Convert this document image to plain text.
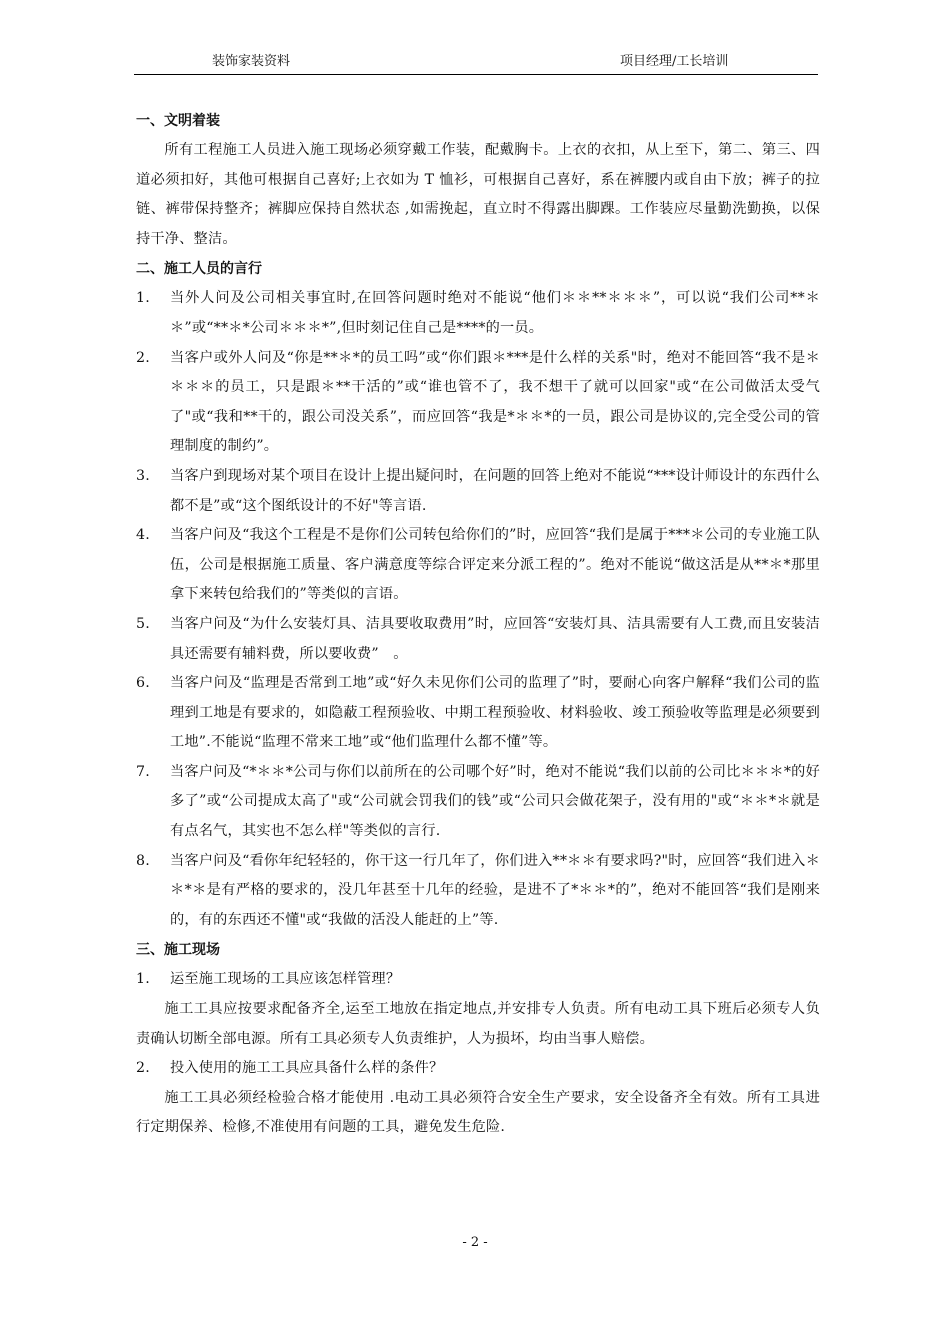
装饰家装资料	项目经理/工长培训
一、文明着装

所有工程施工人员进入施工现场必须穿戴工作装，配戴胸卡。上衣的衣扣，从上至下，第二、第三、四道必须扣好，其他可根据自己喜好;上衣如为 T 恤衫，可根据自己喜好，系在裤腰内或自由下放；裤子的拉链、裤带保持整齐；裤脚应保持自然状态 ,如需挽起，直立时不得露出脚踝。工作装应尽量勤洗勤换，以保持干净、整洁。

二、施工人员的言行
1.	当外人问及公司相关事宜时,在回答问题时绝对不能说“他们＊＊**＊＊＊”，可以说“我们公司**＊＊”或“**＊*公司＊＊＊*”,但时刻记住自己是****的一员。
2.	当客户或外人问及“你是**＊*的员工吗”或“你们跟＊***是什么样的关系"时，绝对不能回答“我不是＊＊＊＊的员工，只是跟＊**干活的”或“谁也管不了，我不想干了就可以回家"或“在公司做活太受气了"或“我和**干的，跟公司没关系”，而应回答“我是*＊＊*的一员，跟公司是协议的,完全受公司的管理制度的制约”。
3.	当客户到现场对某个项目在设计上提出疑问时，在问题的回答上绝对不能说“***设计师设计的东西什么都不是”或“这个图纸设计的不好"等言语.
4.	当客户问及“我这个工程是不是你们公司转包给你们的”时，应回答“我们是属于***＊公司的专业施工队伍，公司是根据施工质量、客户满意度等综合评定来分派工程的”。绝对不能说“做这活是从**＊*那里拿下来转包给我们的”等类似的言语。
5.	当客户问及“为什么安装灯具、洁具要收取费用”时，应回答“安装灯具、洁具需要有人工费,而且安装洁具还需要有辅料费，所以要收费”　。
6.	当客户问及“监理是否常到工地”或“好久未见你们公司的监理了”时，要耐心向客户解释“我们公司的监理到工地是有要求的，如隐蔽工程预验收、中期工程预验收、材料验收、竣工预验收等监理是必须要到工地”.不能说“监理不常来工地”或“他们监理什么都不懂”等。
7.	当客户问及“*＊＊*公司与你们以前所在的公司哪个好”时，绝对不能说“我们以前的公司比＊＊＊*的好多了”或“公司提成太高了"或“公司就会罚我们的钱”或“公司只会做花架子，没有用的"或“＊＊*＊就是有点名气，其实也不怎么样"等类似的言行.
8.	当客户问及“看你年纪轻轻的，你干这一行几年了，你们进入**＊＊有要求吗?"时，应回答“我们进入＊＊*＊是有严格的要求的，没几年甚至十几年的经验，是进不了*＊＊*的”，绝对不能回答“我们是刚来的，有的东西还不懂"或“我做的活没人能赶的上”等.
三、施工现场
1.	运至施工现场的工具应该怎样管理？

施工工具应按要求配备齐全,运至工地放在指定地点,并安排专人负责。所有电动工具下班后必须专人负责确认切断全部电源。所有工具必须专人负责维护，人为损坏，均由当事人赔偿。

2.	投入使用的施工工具应具备什么样的条件？

施工工具必须经检验合格才能使用 .电动工具必须符合安全生产要求，安全设备齐全有效。所有工具进行定期保养、检修,不准使用有问题的工具，避免发生危险.

- 2 -
